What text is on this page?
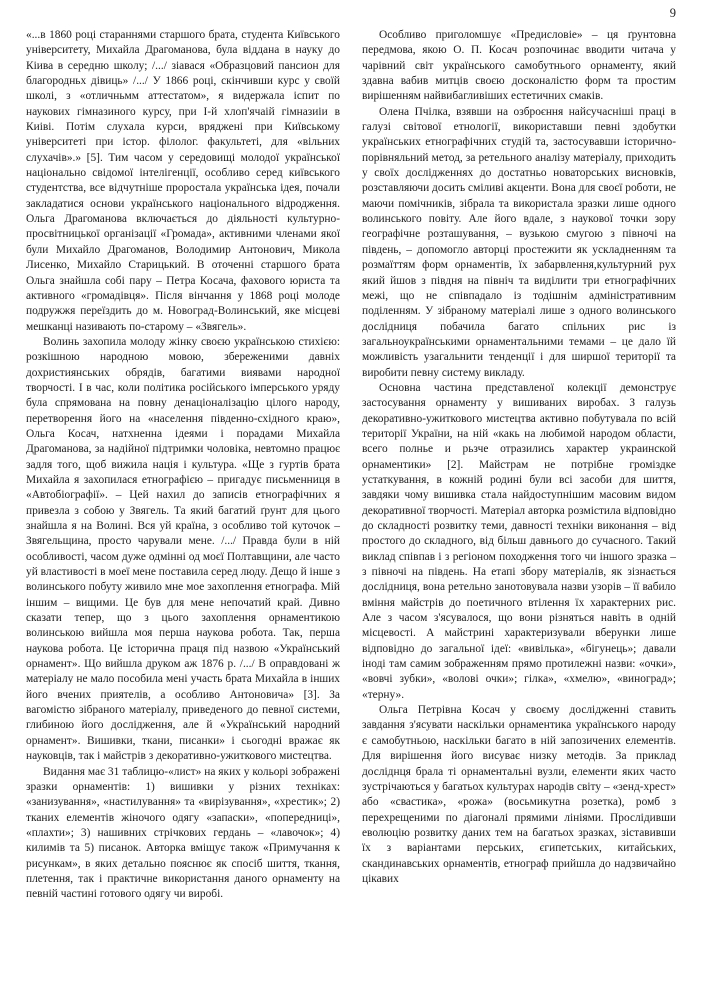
9

«...в 1860 році стараннями старшого брата, студента Київського університету, Михайла Драгоманова, була віддана в науку до Кіива в середню школу; /.../ зіавася «Образцовий пансион для благородньх дівиць» /.../ У 1866 році, скінчивши курс у своїй школі, з «отличньмм аттестатом», я видержала іспит по наукових гімназиного курсу, при І-й хлоп'ячаій гімназиіи в Киіві. Потім слухала курси, вряджені при Київському університеті при істор. філолог. факультеті, для «вільних слухачів».» [5]. Тим часом у середовищі молодої української національно свідомої інтелігенції, особливо серед київського студентства, все відчутніше проростала українська ідея, почали закладатися основи українського національного відродження. Ольга Драгоманова включається до діяльності культурно-просвітницької організації «Громада», активними членами якої були Михайло Драгоманов, Володимир Антонович, Микола Лисенко, Михайло Старицький. В оточенні старшого брата Ольга знайшла собі пару – Петра Косача, фахового юриста та активного «громадівця». Після вінчання у 1868 році молоде подружжя переїздить до м. Новоград-Волинський, яке місцеві мешканці називають по-старому – «Звягель».

Волинь захопила молоду жінку своєю українською стихією: розкішною народною мовою, збереженими давніх дохристиянських обрядів, багатими виявами народної творчості. І в час, коли політика російського імперського уряду була спрямована на повну денаціоналізацію цілого народу, перетворення його на «населення південно-східного краю», Ольга Косач, натхненна ідеями і порадами Михайла Драгоманова, за надійної підтримки чоловіка, невтомно працює задля того, щоб вижила нація і культура. «Ще з гуртів брата Михайла я захопилася етнографією – пригадує письменниця в «Автобіографії». – Цей нахил до записів етнографічних я привезла з собою у Звягель. Та який багатий ґрунт для цього знайшла я на Волині. Вся уй країна, з особливо той куточок – Звягельщина, просто чарували мене. /.../ Правда були в ній особливості, часом дуже одмінні од моєї Полтавщини, але часто уй властивості в моеї мене поставила серед люду. Дещо й інше з волинського побуту живило мне мое захоплення етнографа. Мій іншим – вищими. Це був для мене непочатий край. Дивно сказати тепер, що з цього захоплення орнаментикою волинською вийшла моя перша наукова робота. Так, перша наукова робота. Це історична праця під назвою «Український орнамент». Що вийшла друком аж 1876 р. /.../ В оправдовані ж матеріалу не мало пособила мені участь брата Михайла в інших його вчених приятелів, а особливо Антоновича» [3]. За вагомістю зібраного матеріалу, приведеного до певної системи, глибиною його дослідження, але й «Український народний орнамент». Вишивки, ткани, писанки» і сьогодні вражає як науковців, так і майстрів з декоративно-ужиткового мистецтва.

Видання має 31 таблицю-«лист» на яких у кольорі зображені зразки орнаментів: 1) вишивки у різних техніках: «занизування», «настилування» та «вирізування», «хрестик»; 2) тканих елементів жіночого одягу «запаски», «попередниці», «плахти»; 3) нашивних стрічкових гердань – «лавочок»; 4) килимів та 5) писанок. Авторка вміщує також «Примучання к рисункам», в яких детально пояснює як спосіб шиття, ткання, плетення, так і практичне використання даного орнаменту на певній частині готового одягу чи виробі.

Особливо приголомшує «Предисловіе» – ця ґрунтовна передмова, якою О. П. Косач розпочинає вводити читача у чарівний світ українського самобутнього орнаменту, який здавна вабив митців своєю досконалістю форм та простим вирішенням найвибагливіших естетичних смаків.

Олена Пчілка, взявши на озброєння найсучасніші праці в галузі світової етнології, використавши певні здобутки українських етнографічних студій та, застосувавши історично-порівняльний метод, за ретельного аналізу матеріалу, приходить у своїх дослідженнях до достатньо новаторських висновків, розставляючи досить сміливі акценти. Вона для своєї роботи, не маючи помічників, зібрала та використала зразки лише одного волинського повіту. Але його вдале, з наукової точки зору географічне розташування, – вузькою смугою з півночі на південь, – допомогло авторці простежити як ускладненням та розмаїттям форм орнаментів, їх забарвлення,культурний рух який йшов з півдня на північ та виділити три етнографічних межі, що не співпадало із тодішнім адміністративним поділенням. У зібраному матеріалі лише з одного волинського дослідниця побачила багато спільних рис із загальноукраїнськими орнаментальними темами – це дало їй можливість узагальнити тенденції і для ширшої території та виробити певну систему викладу.

Основна частина представленої колекції демонструє застосування орнаменту у вишиваних виробах. З галузь декоративно-ужиткового мистецтва активно побутувала по всій території України, на ній «какь на любимой народом области, всего полнье и рьзче отразились характер украинской орнаментики» [2]. Майстрам не потрібне громіздке устаткування, в кожній родині були всі засоби для шиття, завдяки чому вишивка стала найдоступнішим масовим видом декоративної творчості. Матеріал авторка розмістила відповідно до складності розвитку теми, давності техніки виконання – від простого до складного, від більш давнього до сучасного. Такий виклад співпав і з регіоном походження того чи іншого зразка – з півночі на південь. На етапі збору матеріалів, як зізнається дослідниця, вона ретельно занотовувала назви узорів – її вабило вміння майстрів до поетичного втілення їх характерних рис. Але з часом з'ясувалося, що вони різняться навіть в одній місцевості. А майстрині характеризували вберунки лише відповідно до загальної ідеї: «вивілька», «бігунець»; давали іноді там самим зображенням прямо протилежні назви: «очки», «вовчі зубки», «волові очки»; гілка», «хмелю», «виноград»; «терну».

Ольга Петрівна Косач у своєму дослідженні ставить завдання з'ясувати наскільки орнаментика українського народу є самобутньою, наскільки багато в ній запозичених елементів. Для вирішення його висуває низку методів. За приклад досліднця брала ті орнаментальні вузли, елементи яких часто зустрічаються у багатьох культурах народів світу – «зенд-хрест» або «свастика», «рожа» (восьмикутна розетка), ромб з перехрещеними по діагоналі прямими лініями. Прослідивши еволюцію розвитку даних тем на багатьох зразках, зіставивши їх з варіантами перських, єгипетських, китайських, скандинавських орнаментів, етнограф прийшла до надзвичайно цікавих
